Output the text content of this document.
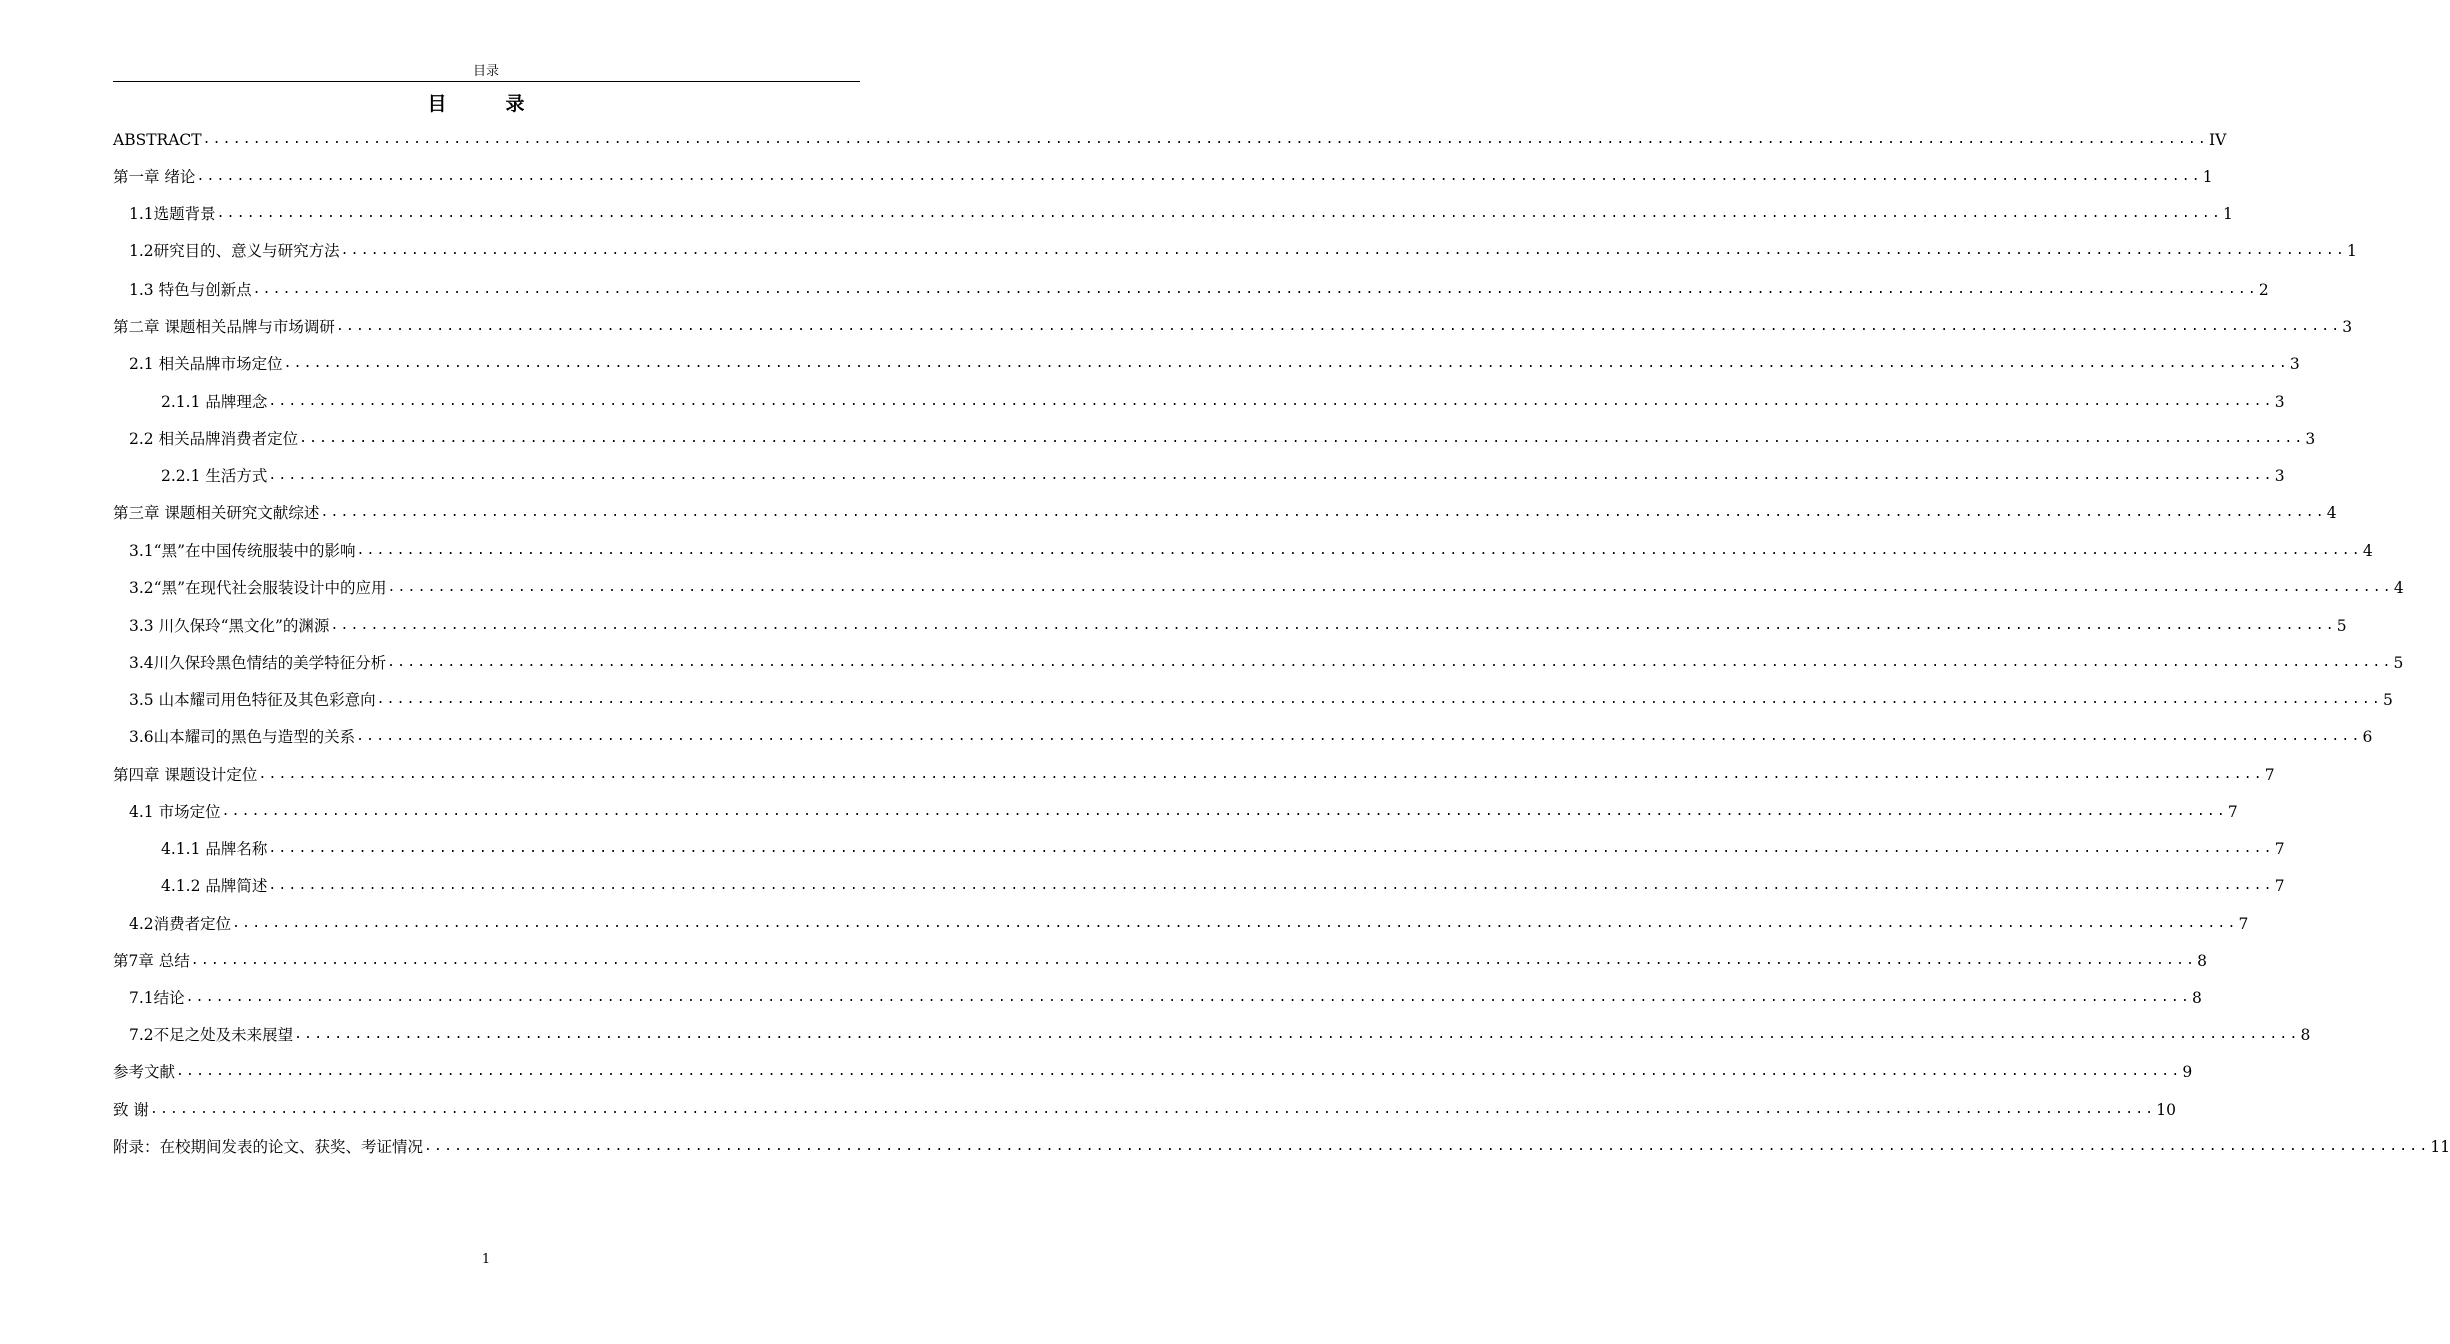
目录
目　录
ABSTRACT ........................................................................................................................................................................................................ IV
第一章 绪论 ........................................................................................................................................................................................................ 1
1.1选题背景 ........................................................................................................................................................................................................ 1
1.2研究目的、意义与研究方法 ........................................................................................................................................................................................................ 1
1.3 特色与创新点 ........................................................................................................................................................................................................ 2
第二章 课题相关品牌与市场调研 ........................................................................................................................................................................................................ 3
2.1 相关品牌市场定位 ........................................................................................................................................................................................................ 3
2.1.1 品牌理念 ........................................................................................................................................................................................................ 3
2.2 相关品牌消费者定位 ........................................................................................................................................................................................................ 3
2.2.1 生活方式 ........................................................................................................................................................................................................ 3
第三章 课题相关研究文献综述 ........................................................................................................................................................................................................ 4
3.1“黑”在中国传统服装中的影响 ........................................................................................................................................................................................................ 4
3.2“黑”在现代社会服装设计中的应用 ........................................................................................................................................................................................................ 4
3.3 川久保玲“黑文化”的渊源 ........................................................................................................................................................................................................ 5
3.4川久保玲黑色情结的美学特征分析 ........................................................................................................................................................................................................ 5
3.5 山本耀司用色特征及其色彩意向 ........................................................................................................................................................................................................ 5
3.6山本耀司的黑色与造型的关系 ........................................................................................................................................................................................................ 6
第四章 课题设计定位 ........................................................................................................................................................................................................ 7
4.1 市场定位 ........................................................................................................................................................................................................ 7
4.1.1 品牌名称 ........................................................................................................................................................................................................ 7
4.1.2 品牌简述 ........................................................................................................................................................................................................ 7
4.2消费者定位 ........................................................................................................................................................................................................ 7
第7章 总结 ........................................................................................................................................................................................................ 8
7.1结论 ........................................................................................................................................................................................................ 8
7.2不足之处及未来展望 ........................................................................................................................................................................................................ 8
参考文献 ........................................................................................................................................................................................................ 9
致 谢 ........................................................................................................................................................................................................ 10
附录：在校期间发表的论文、获奖、考证情况 ........................................................................................................................................................................................................ 11
1
